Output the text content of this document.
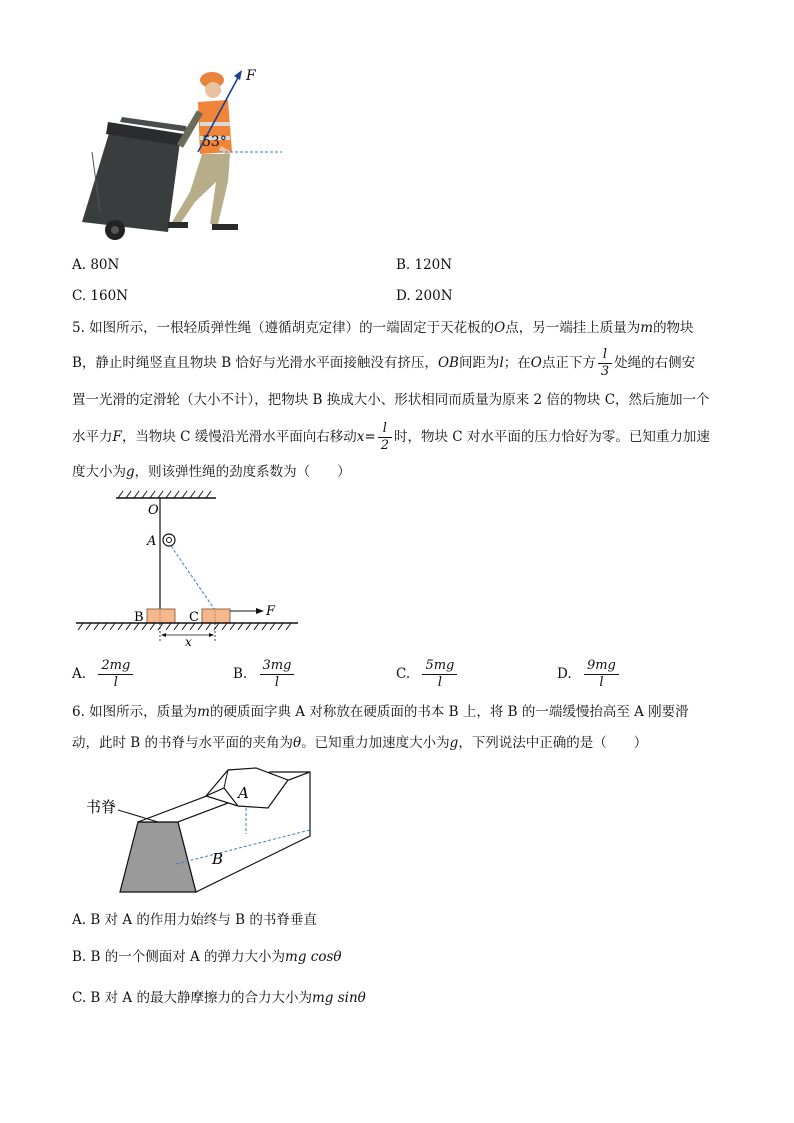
F
53°
A. 80N	B. 120N
C. 160N	D. 200N
5. 如图所示，一根轻质弹性绳（遵循胡克定律）的一端固定于天花板的O点，另一端挂上质量为m的物块
B，静止时绳竖直且物块 B 恰好与光滑水平面接触没有挤压，OB间距为l；在O点正下方 $\frac{l}{3}$ 处绳的右侧安
置一光滑的定滑轮（大小不计），把物块 B 换成大小、形状相同而质量为原来 2 倍的物块 C，然后施加一个
水平力F，当物块 C 缓慢沿光滑水平面向右移动$x= \frac{l}{2}$ 时，物块 C 对水平面的压力恰好为零。已知重力加速
度大小为g，则该弹性绳的劲度系数为（　　）
O
A
B	C	F
x
A. $\frac{2mg}{l}$	B. $\frac{3mg}{l}$	C. $\frac{5mg}{l}$	D. $\frac{9mg}{l}$
6. 如图所示，质量为m的硬质面字典 A 对称放在硬质面的书本 B 上，将 B 的一端缓慢抬高至 A 刚要滑
动，此时 B 的书脊与水平面的夹角为θ。已知重力加速度大小为g，下列说法中正确的是（　　）
A
B
书脊
A. B 对 A 的作用力始终与 B 的书脊垂直
B. B 的一个侧面对 A 的弹力大小为mg cosθ
C. B 对 A 的最大静摩擦力的合力大小为mg sinθ
